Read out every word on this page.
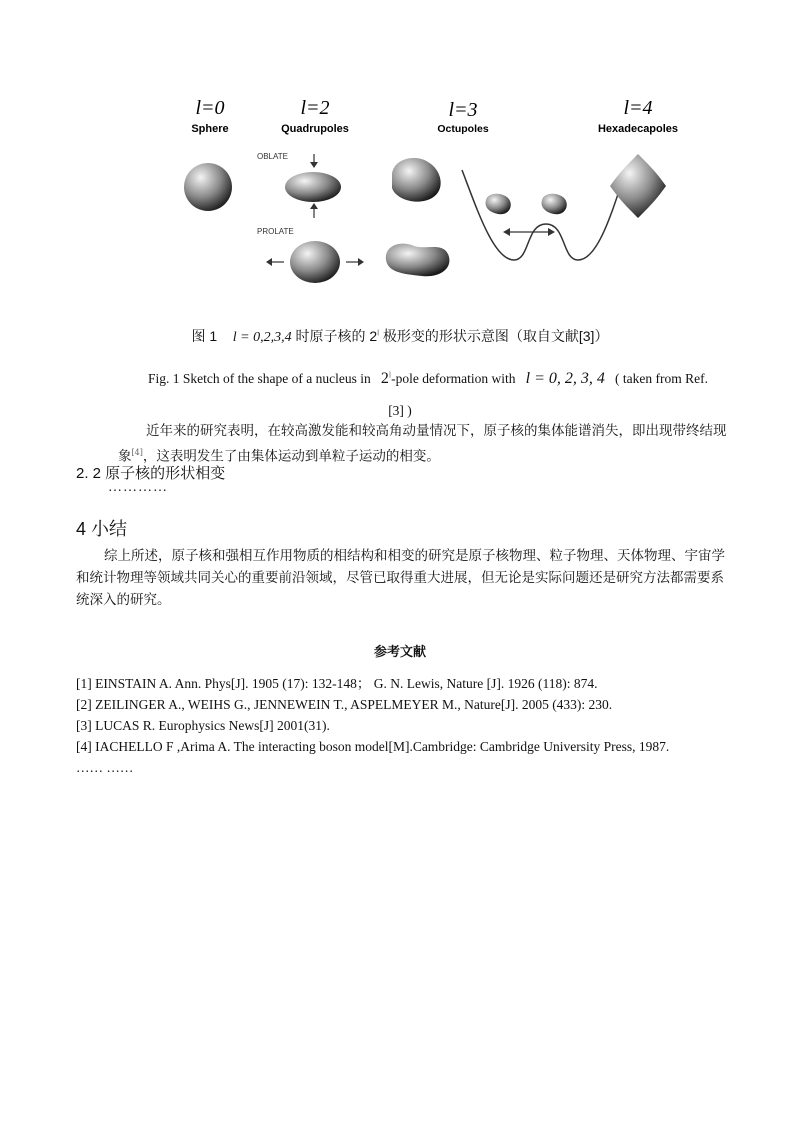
l=0
Sphere
l=2
Quadrupoles
l=3
Octupoles
l=4
Hexadecapoles
OBLATE
PROLATE
图 1 l = 0,2,3,4 时原子核的 2$^l$ 极形变的形状示意图（取自文献[3]）
Fig. 1 Sketch of the shape of a nucleus in 2$^l$-pole deformation with l = 0, 2, 3, 4 ( taken from Ref.
[3] )
近年来的研究表明，在较高激发能和较高角动量情况下，原子核的集体能谱消失，即出现带终结现象[4]，这表明发生了由集体运动到单粒子运动的相变。
2. 2 原子核的形状相变
…………
4 小结
综上所述，原子核和强相互作用物质的相结构和相变的研究是原子核物理、粒子物理、天体物理、宇宙学和统计物理等领域共同关心的重要前沿领域，尽管已取得重大进展，但无论是实际问题还是研究方法都需要系统深入的研究。
参考文献
[1] EINSTAIN A. Ann. Phys[J]. 1905 (17): 132-148； G. N. Lewis, Nature [J]. 1926 (118): 874.
[2] ZEILINGER A., WEIHS G., JENNEWEIN T., ASPELMEYER M., Nature[J]. 2005 (433): 230.
[3] LUCAS R. Europhysics News[J] 2001(31).
[4] IACHELLO F ,Arima A. The interacting boson model[M].Cambridge: Cambridge University Press, 1987.
…… ……
